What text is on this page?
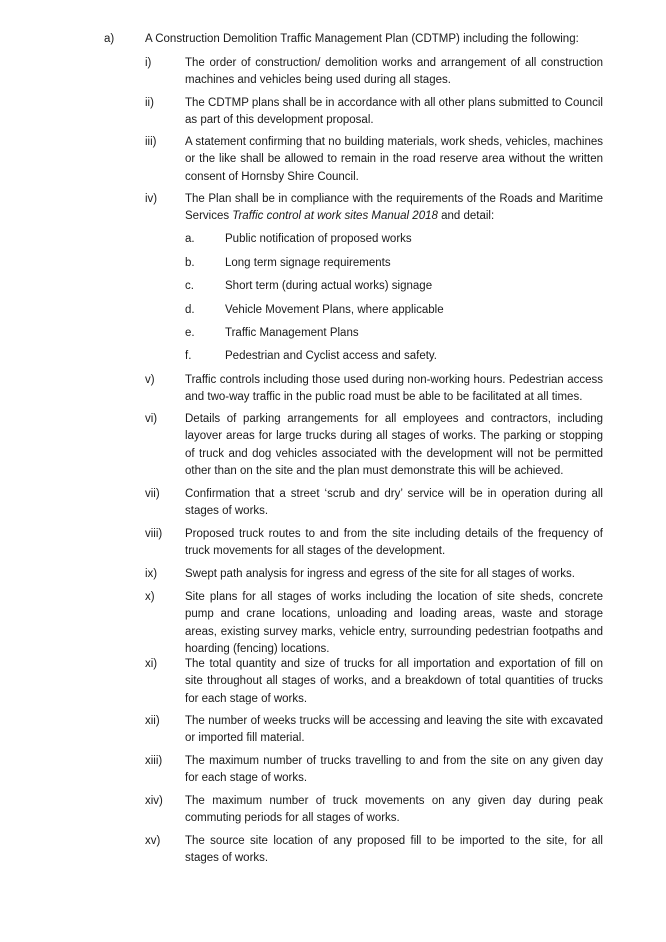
a)	A Construction Demolition Traffic Management Plan (CDTMP) including the following:
i)	The order of construction/ demolition works and arrangement of all construction machines and vehicles being used during all stages.
ii)	The CDTMP plans shall be in accordance with all other plans submitted to Council as part of this development proposal.
iii) A statement confirming that no building materials, work sheds, vehicles, machines or the like shall be allowed to remain in the road reserve area without the written consent of Hornsby Shire Council.
iv) The Plan shall be in compliance with the requirements of the Roads and Maritime Services Traffic control at work sites Manual 2018 and detail:
a.	Public notification of proposed works
b.	Long term signage requirements
c.	Short term (during actual works) signage
d.	Vehicle Movement Plans, where applicable
e.	Traffic Management Plans
f.	Pedestrian and Cyclist access and safety.
v)	Traffic controls including those used during non-working hours. Pedestrian access and two-way traffic in the public road must be able to be facilitated at all times.
vi) Details of parking arrangements for all employees and contractors, including layover areas for large trucks during all stages of works. The parking or stopping of truck and dog vehicles associated with the development will not be permitted other than on the site and the plan must demonstrate this will be achieved.
vii) Confirmation that a street ‘scrub and dry’ service will be in operation during all stages of works.
viii) Proposed truck routes to and from the site including details of the frequency of truck movements for all stages of the development.
ix) Swept path analysis for ingress and egress of the site for all stages of works.
x)	Site plans for all stages of works including the location of site sheds, concrete pump and crane locations, unloading and loading areas, waste and storage areas, existing survey marks, vehicle entry, surrounding pedestrian footpaths and hoarding (fencing) locations.
xi) The total quantity and size of trucks for all importation and exportation of fill on site throughout all stages of works, and a breakdown of total quantities of trucks for each stage of works.
xii) The number of weeks trucks will be accessing and leaving the site with excavated or imported fill material.
xiii) The maximum number of trucks travelling to and from the site on any given day for each stage of works.
xiv) The maximum number of truck movements on any given day during peak commuting periods for all stages of works.
xv) The source site location of any proposed fill to be imported to the site, for all stages of works.
